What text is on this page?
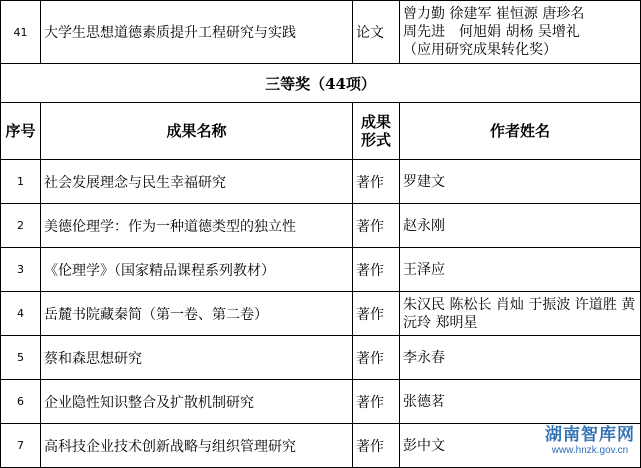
41	大学生思想道德素质提升工程研究与实践	论文	曾力勤 徐建军 崔恒源 唐珍名
周先进　何旭娟 胡杨 吴增礼
（应用研究成果转化奖）

三等奖（44项）			
序号	成果名称	成果形式	作者姓名
1	社会发展理念与民生幸福研究	著作	罗建文
2	美德伦理学：作为一种道德类型的独立性	著作	赵永刚
3	《伦理学》（国家精品课程系列教材）	著作	王泽应
4	岳麓书院藏秦简（第一卷、第二卷）	著作	朱汉民 陈松长 肖灿 于振波 许道胜 黄沅玲 郑明星
5	蔡和森思想研究	著作	李永春
6	企业隐性知识整合及扩散机制研究	著作	张德茗
7	高科技企业技术创新战略与组织管理研究	著作	彭中文
湖南智库网
www.hnzk.gov.cn
